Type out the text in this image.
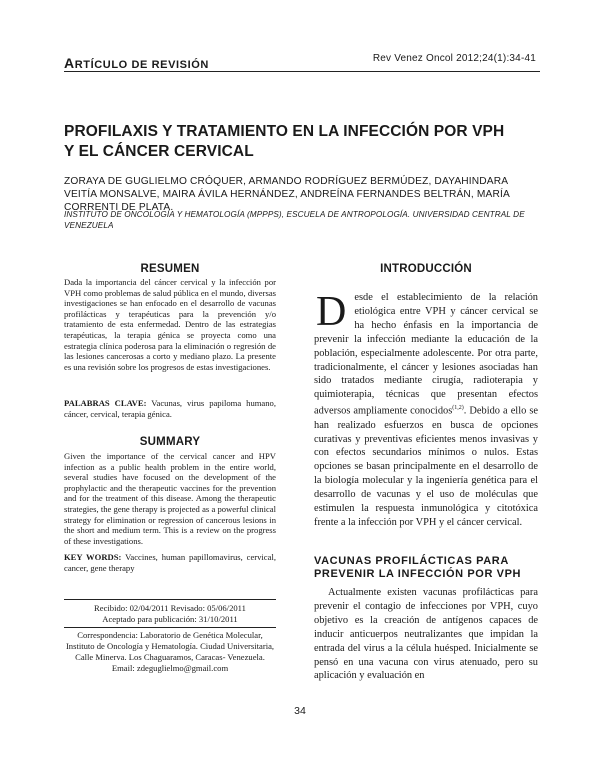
ARTÍCULO DE REVISIÓN
Rev Venez Oncol 2012;24(1):34-41
PROFILAXIS Y TRATAMIENTO EN LA INFECCIÓN POR VPH
Y EL CÁNCER CERVICAL
ZORAYA DE GUGLIELMO CRÓQUER, ARMANDO RODRÍGUEZ BERMÚDEZ, DAYAHINDARA VEITÍA MONSALVE, MAIRA ÁVILA HERNÁNDEZ, ANDREÍNA FERNANDES BELTRÁN, MARÍA CORRENTI DE PLATA.
INSTITUTO DE ONCOLOGÍA Y HEMATOLOGÍA (MPPPS), ESCUELA DE ANTROPOLOGÍA. UNIVERSIDAD CENTRAL DE VENEZUELA
RESUMEN
Dada la importancia del cáncer cervical y la infección por VPH como problemas de salud pública en el mundo, diversas investigaciones se han enfocado en el desarrollo de vacunas profilácticas y terapéuticas para la prevención y/o tratamiento de esta enfermedad. Dentro de las estrategias terapéuticas, la terapia génica se proyecta como una estrategia clínica poderosa para la eliminación o regresión de las lesiones cancerosas a corto y mediano plazo. La presente es una revisión sobre los progresos de estas investigaciones.
PALABRAS CLAVE: Vacunas, virus papiloma humano, cáncer, cervical, terapia génica.
SUMMARY
Given the importance of the cervical cancer and HPV infection as a public health problem in the entire world, several studies have focused on the development of the prophylactic and the therapeutic vaccines for the prevention and for the treatment of this disease. Among the therapeutic strategies, the gene therapy is projected as a powerful clinical strategy for elimination or regression of cancerous lesions in the short and medium term. This is a review on the progress of these investigations.
KEY WORDS: Vaccines, human papillomavirus, cervical, cancer, gene therapy
Recibido: 02/04/2011 Revisado: 05/06/2011
Aceptado para publicación: 31/10/2011
Correspondencia: Laboratorio de Genética Molecular, Instituto de Oncología y Hematología. Ciudad Universitaria, Calle Minerva. Los Chaguaramos, Caracas- Venezuela. Email: zdeguglielmo@gmail.com
INTRODUCCIÓN
D esde el establecimiento de la relación etiológica entre VPH y cáncer cervical se ha hecho énfasis en la importancia de prevenir la infección mediante la educación de la población, especialmente adolescente. Por otra parte, tradicionalmente, el cáncer y lesiones asociadas han sido tratados mediante cirugía, radioterapia y quimioterapia, técnicas que presentan efectos adversos ampliamente conocidos$^{(1,2)}$. Debido a ello se han realizado esfuerzos en busca de opciones curativas y preventivas eficientes menos invasivas y con efectos secundarios mínimos o nulos. Estas opciones se basan principalmente en el desarrollo de la biología molecular y la ingeniería genética para el desarrollo de vacunas y el uso de moléculas que estimulen la respuesta inmunológica y citotóxica frente a la infección por VPH y el cáncer cervical.
VACUNAS PROFILÁCTICAS PARA
PREVENIR LA INFECCIÓN POR VPH
Actualmente existen vacunas profilácticas para prevenir el contagio de infecciones por VPH, cuyo objetivo es la creación de antígenos capaces de inducir anticuerpos neutralizantes que impidan la entrada del virus a la célula huésped. Inicialmente se pensó en una vacuna con virus atenuado, pero su aplicación y evaluación en
34
